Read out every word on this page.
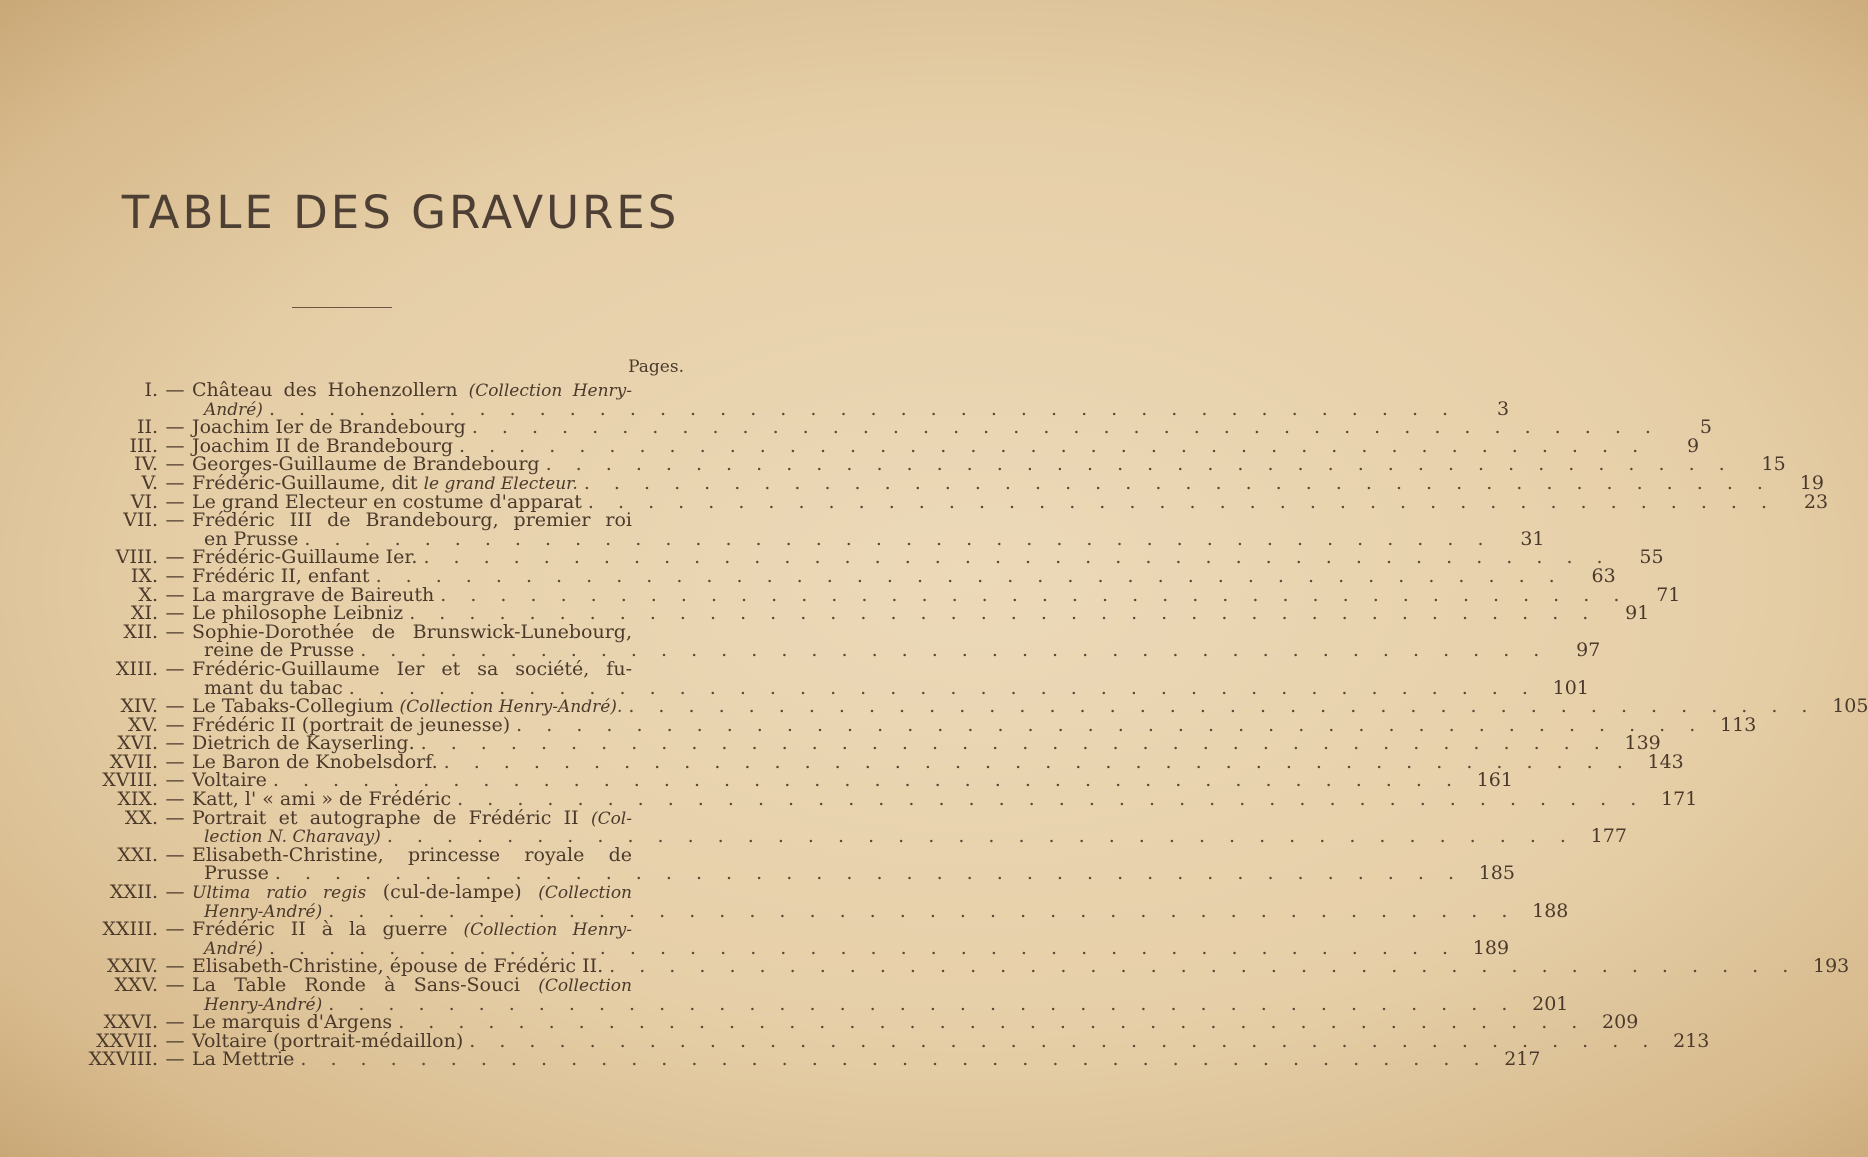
TABLE DES GRAVURES
Pages.
I. — Château des Hohenzollern (Collection Henry-
André) . . . . . . . . . . . . . . . . . . . . . . . . . . . . . . . . . . . . . . . .	3
II. — Joachim Ier de Brandebourg . . . . . . . . . . . . . . . . . . . . . . . . . . . . . . . . . . . . . . . .	5
III. — Joachim II de Brandebourg . . . . . . . . . . . . . . . . . . . . . . . . . . . . . . . . . . . . . . . .	9
IV. — Georges-Guillaume de Brandebourg . . . . . . . . . . . . . . . . . . . . . . . . . . . . . . . . . . . . . . . .	15
V. — Frédéric-Guillaume, dit le grand Electeur. . . . . . . . . . . . . . . . . . . . . . . . . . . . . . . . . . . . . . . . .	19
VI. — Le grand Electeur en costume d'apparat . . . . . . . . . . . . . . . . . . . . . . . . . . . . . . . . . . . . . . . .	23
VII. — Frédéric III de Brandebourg, premier roi
en Prusse . . . . . . . . . . . . . . . . . . . . . . . . . . . . . . . . . . . . . . . .	31
VIII. — Frédéric-Guillaume Ier. . . . . . . . . . . . . . . . . . . . . . . . . . . . . . . . . . . . . . . . .	55
IX. — Frédéric II, enfant . . . . . . . . . . . . . . . . . . . . . . . . . . . . . . . . . . . . . . . .	63
X. — La margrave de Baireuth . . . . . . . . . . . . . . . . . . . . . . . . . . . . . . . . . . . . . . . .	71
XI. — Le philosophe Leibniz . . . . . . . . . . . . . . . . . . . . . . . . . . . . . . . . . . . . . . . .	91
XII. — Sophie-Dorothée de Brunswick-Lunebourg,
reine de Prusse . . . . . . . . . . . . . . . . . . . . . . . . . . . . . . . . . . . . . . . .	97
XIII. — Frédéric-Guillaume Ier et sa société, fu-
mant du tabac . . . . . . . . . . . . . . . . . . . . . . . . . . . . . . . . . . . . . . . . 101
XIV. — Le Tabaks-Collegium (Collection Henry-André). . . . . . . . . . . . . . . . . . . . . . . . . . . . . . . . . . . . . . . . . 105
XV. — Frédéric II (portrait de jeunesse) . . . . . . . . . . . . . . . . . . . . . . . . . . . . . . . . . . . . . . . . 113
XVI. — Dietrich de Kayserling. . . . . . . . . . . . . . . . . . . . . . . . . . . . . . . . . . . . . . . . . 139
XVII. — Le Baron de Knobelsdorf. . . . . . . . . . . . . . . . . . . . . . . . . . . . . . . . . . . . . . . . . 143
XVIII. — Voltaire . . . . . . . . . . . . . . . . . . . . . . . . . . . . . . . . . . . . . . . . 161
XIX. — Katt, l' « ami » de Frédéric . . . . . . . . . . . . . . . . . . . . . . . . . . . . . . . . . . . . . . . . 171
XX. — Portrait et autographe de Frédéric II (Col-
lection N. Charavay) . . . . . . . . . . . . . . . . . . . . . . . . . . . . . . . . . . . . . . . . 177
XXI. — Elisabeth-Christine, princesse royale de
Prusse . . . . . . . . . . . . . . . . . . . . . . . . . . . . . . . . . . . . . . . . 185
XXII. — Ultima ratio regis (cul-de-lampe) (Collection
Henry-André) . . . . . . . . . . . . . . . . . . . . . . . . . . . . . . . . . . . . . . . . 188
XXIII. — Frédéric II à la guerre (Collection Henry-
André) . . . . . . . . . . . . . . . . . . . . . . . . . . . . . . . . . . . . . . . . 189
XXIV. — Elisabeth-Christine, épouse de Frédéric II. . . . . . . . . . . . . . . . . . . . . . . . . . . . . . . . . . . . . . . . . 193
XXV. — La Table Ronde à Sans-Souci (Collection
Henry-André) . . . . . . . . . . . . . . . . . . . . . . . . . . . . . . . . . . . . . . . . 201
XXVI. — Le marquis d'Argens . . . . . . . . . . . . . . . . . . . . . . . . . . . . . . . . . . . . . . . . 209
XXVII. — Voltaire (portrait-médaillon) . . . . . . . . . . . . . . . . . . . . . . . . . . . . . . . . . . . . . . . . 213
XXVIII. — La Mettrie . . . . . . . . . . . . . . . . . . . . . . . . . . . . . . . . . . . . . . . . 217
